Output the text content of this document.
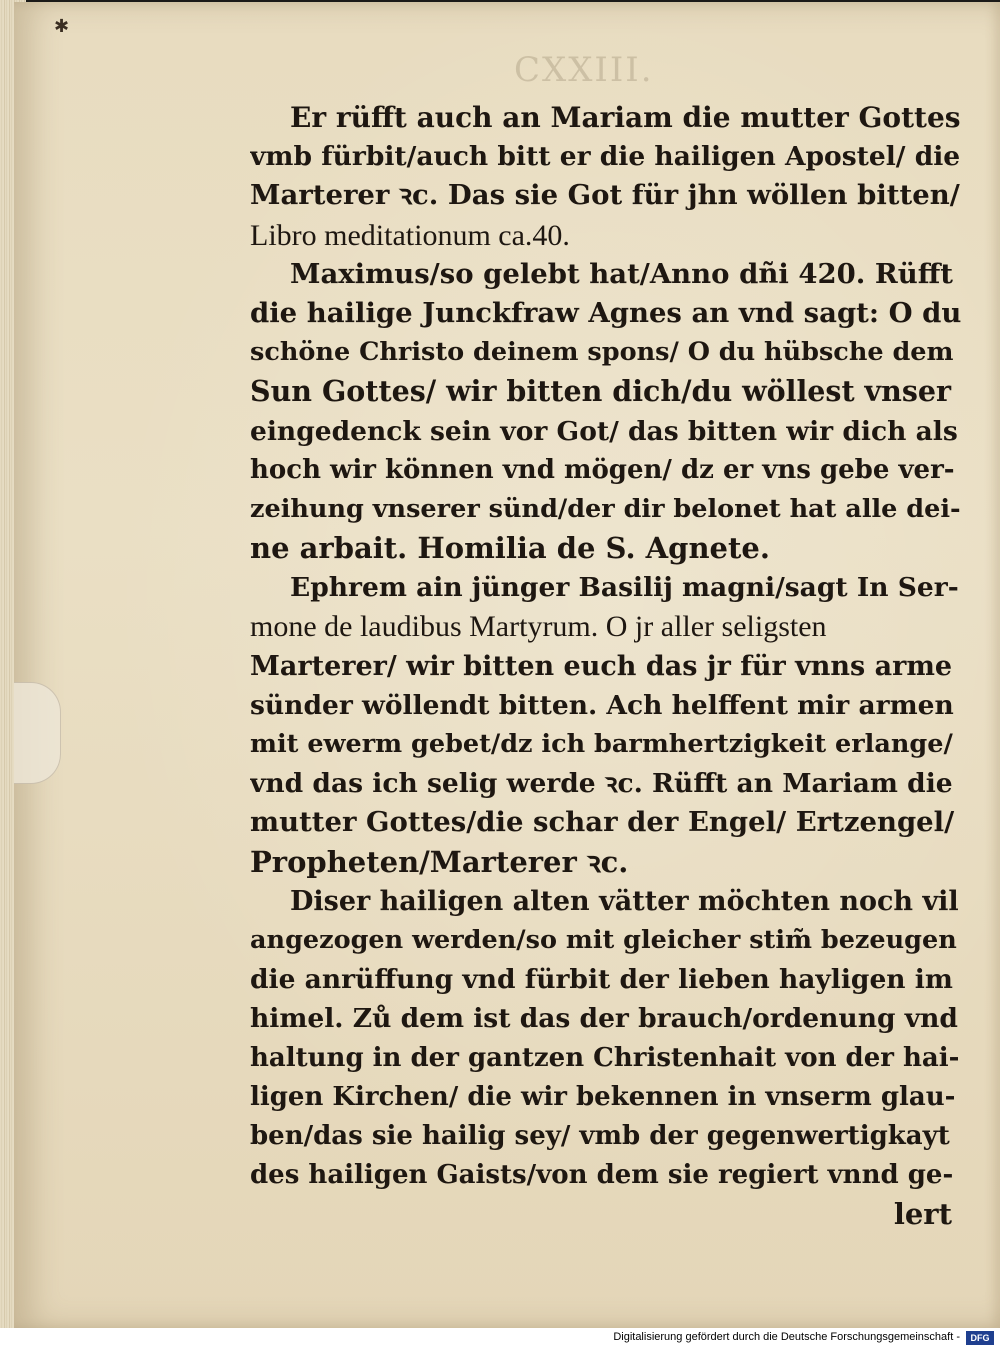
✱
CXXIII.
Er rüfft auch an Mariam die mutter Gottes
vmb fürbit/auch bitt er die hailigen Apostel/ die
Marterer ꝛc. Das sie Got für jhn wöllen bitten/
Libro meditationum ca.40.
Maximus/so gelebt hat/Anno dñi 420. Rüfft
die hailige Junckfraw Agnes an vnd sagt: O du
schöne Christo deinem spons/ O du hübsche dem
Sun Gottes/ wir bitten dich/du wöllest vnser
eingedenck sein vor Got/ das bitten wir dich als
hoch wir können vnd mögen/ dz er vns gebe ver-
zeihung vnserer sünd/der dir belonet hat alle dei-
ne arbait. Homilia de S. Agnete.
Ephrem ain jünger Basilij magni/sagt In Ser-
mone de laudibus Martyrum. O jr aller seligsten
Marterer/ wir bitten euch das jr für vnns arme
sünder wöllendt bitten. Ach helffent mir armen
mit ewerm gebet/dz ich barmhertzigkeit erlange/
vnd das ich selig werde ꝛc. Rüfft an Mariam die
mutter Gottes/die schar der Engel/ Ertzengel/
Propheten/Marterer ꝛc.
Diser hailigen alten vätter möchten noch vil
angezogen werden/so mit gleicher stim̃ bezeugen
die anrüffung vnd fürbit der lieben hayligen im
himel. Zů dem ist das der brauch/ordenung vnd
haltung in der gantzen Christenhait von der hai-
ligen Kirchen/ die wir bekennen in vnserm glau-
ben/das sie hailig sey/ vmb der gegenwertigkayt
des hailigen Gaists/von dem sie regiert vnnd ge-
lert
Digitalisierung gefördert durch die Deutsche Forschungsgemeinschaft -	DFG
